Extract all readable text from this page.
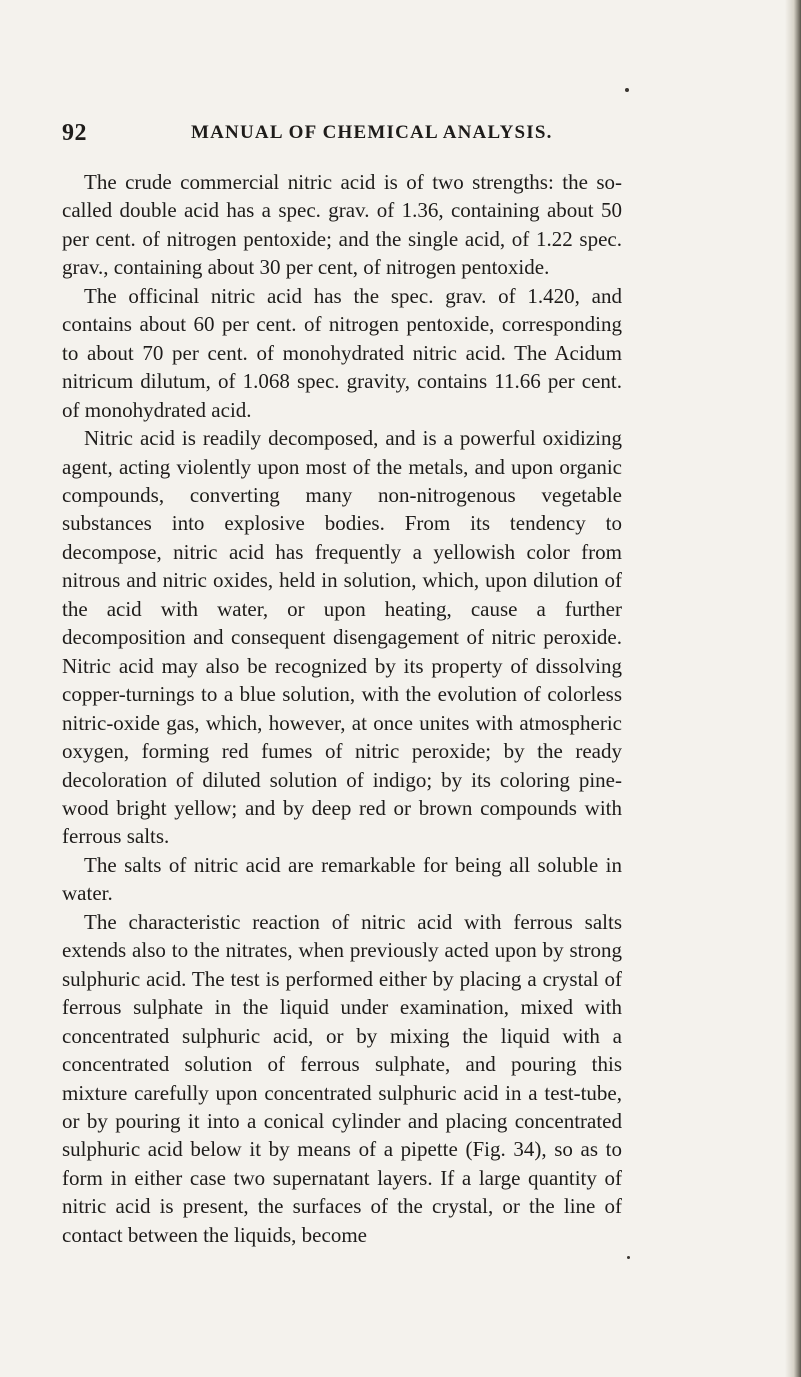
92	MANUAL OF CHEMICAL ANALYSIS.

The crude commercial nitric acid is of two strengths: the so-called double acid has a spec. grav. of 1.36, containing about 50 per cent. of nitrogen pentoxide; and the single acid, of 1.22 spec. grav., containing about 30 per cent, of nitrogen pentoxide.

The officinal nitric acid has the spec. grav. of 1.420, and contains about 60 per cent. of nitrogen pentoxide, corresponding to about 70 per cent. of monohydrated nitric acid. The Acidum nitricum dilutum, of 1.068 spec. gravity, contains 11.66 per cent. of monohydrated acid.

Nitric acid is readily decomposed, and is a powerful oxidizing agent, acting violently upon most of the metals, and upon organic compounds, converting many non-nitrogenous vegetable substances into explosive bodies. From its tendency to decompose, nitric acid has frequently a yellowish color from nitrous and nitric oxides, held in solution, which, upon dilution of the acid with water, or upon heating, cause a further decomposition and consequent disengagement of nitric peroxide. Nitric acid may also be recognized by its property of dissolving copper-turnings to a blue solution, with the evolution of colorless nitric-oxide gas, which, however, at once unites with atmospheric oxygen, forming red fumes of nitric peroxide; by the ready decoloration of diluted solution of indigo; by its coloring pine-wood bright yellow; and by deep red or brown compounds with ferrous salts.

The salts of nitric acid are remarkable for being all soluble in water.

The characteristic reaction of nitric acid with ferrous salts extends also to the nitrates, when previously acted upon by strong sulphuric acid. The test is performed either by placing a crystal of ferrous sulphate in the liquid under examination, mixed with concentrated sulphuric acid, or by mixing the liquid with a concentrated solution of ferrous sulphate, and pouring this mixture carefully upon concentrated sulphuric acid in a test-tube, or by pouring it into a conical cylinder and placing concentrated sulphuric acid below it by means of a pipette (Fig. 34), so as to form in either case two supernatant layers. If a large quantity of nitric acid is present, the surfaces of the crystal, or the line of contact between the liquids, become
